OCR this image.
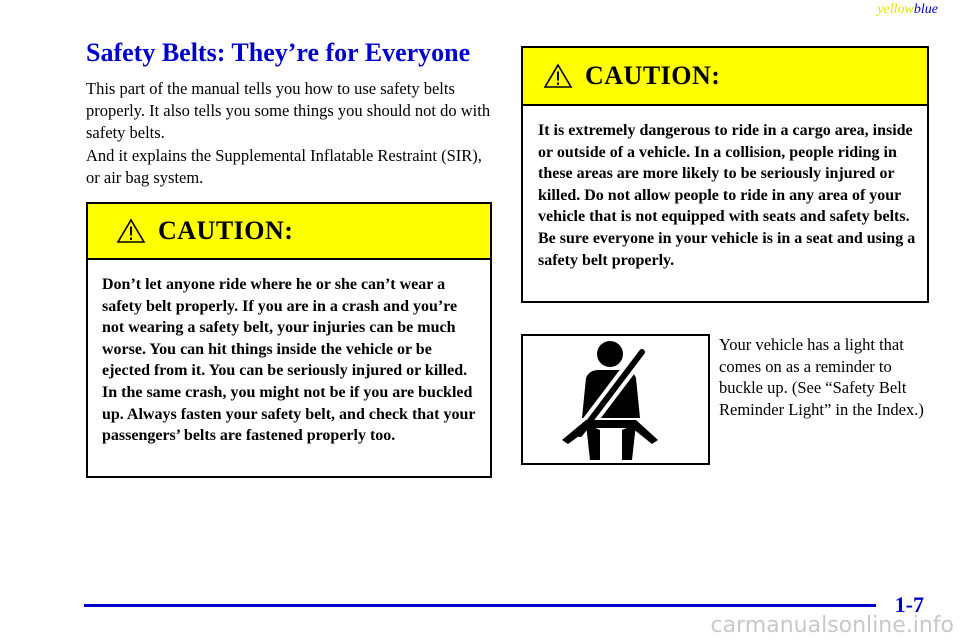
yellowblue
Safety Belts: They’re for Everyone

This part of the manual tells you how to use safety belts properly. It also tells you some things you should not do with safety belts.

And it explains the Supplemental Inflatable Restraint (SIR), or air bag system.

CAUTION:
Don’t let anyone ride where he or she can’t wear a safety belt properly. If you are in a crash and you’re not wearing a safety belt, your injuries can be much worse. You can hit things inside the vehicle or be ejected from it. You can be seriously injured or killed. In the same crash, you might not be if you are buckled up. Always fasten your safety belt, and check that your passengers’ belts are fastened properly too.
CAUTION:
It is extremely dangerous to ride in a cargo area, inside or outside of a vehicle. In a collision, people riding in these areas are more likely to be seriously injured or killed. Do not allow people to ride in any area of your vehicle that is not equipped with seats and safety belts. Be sure everyone in your vehicle is in a seat and using a safety belt properly.

Your vehicle has a light that comes on as a reminder to buckle up. (See “Safety Belt Reminder Light” in the Index.)

1-7
carmanualsonline.info
